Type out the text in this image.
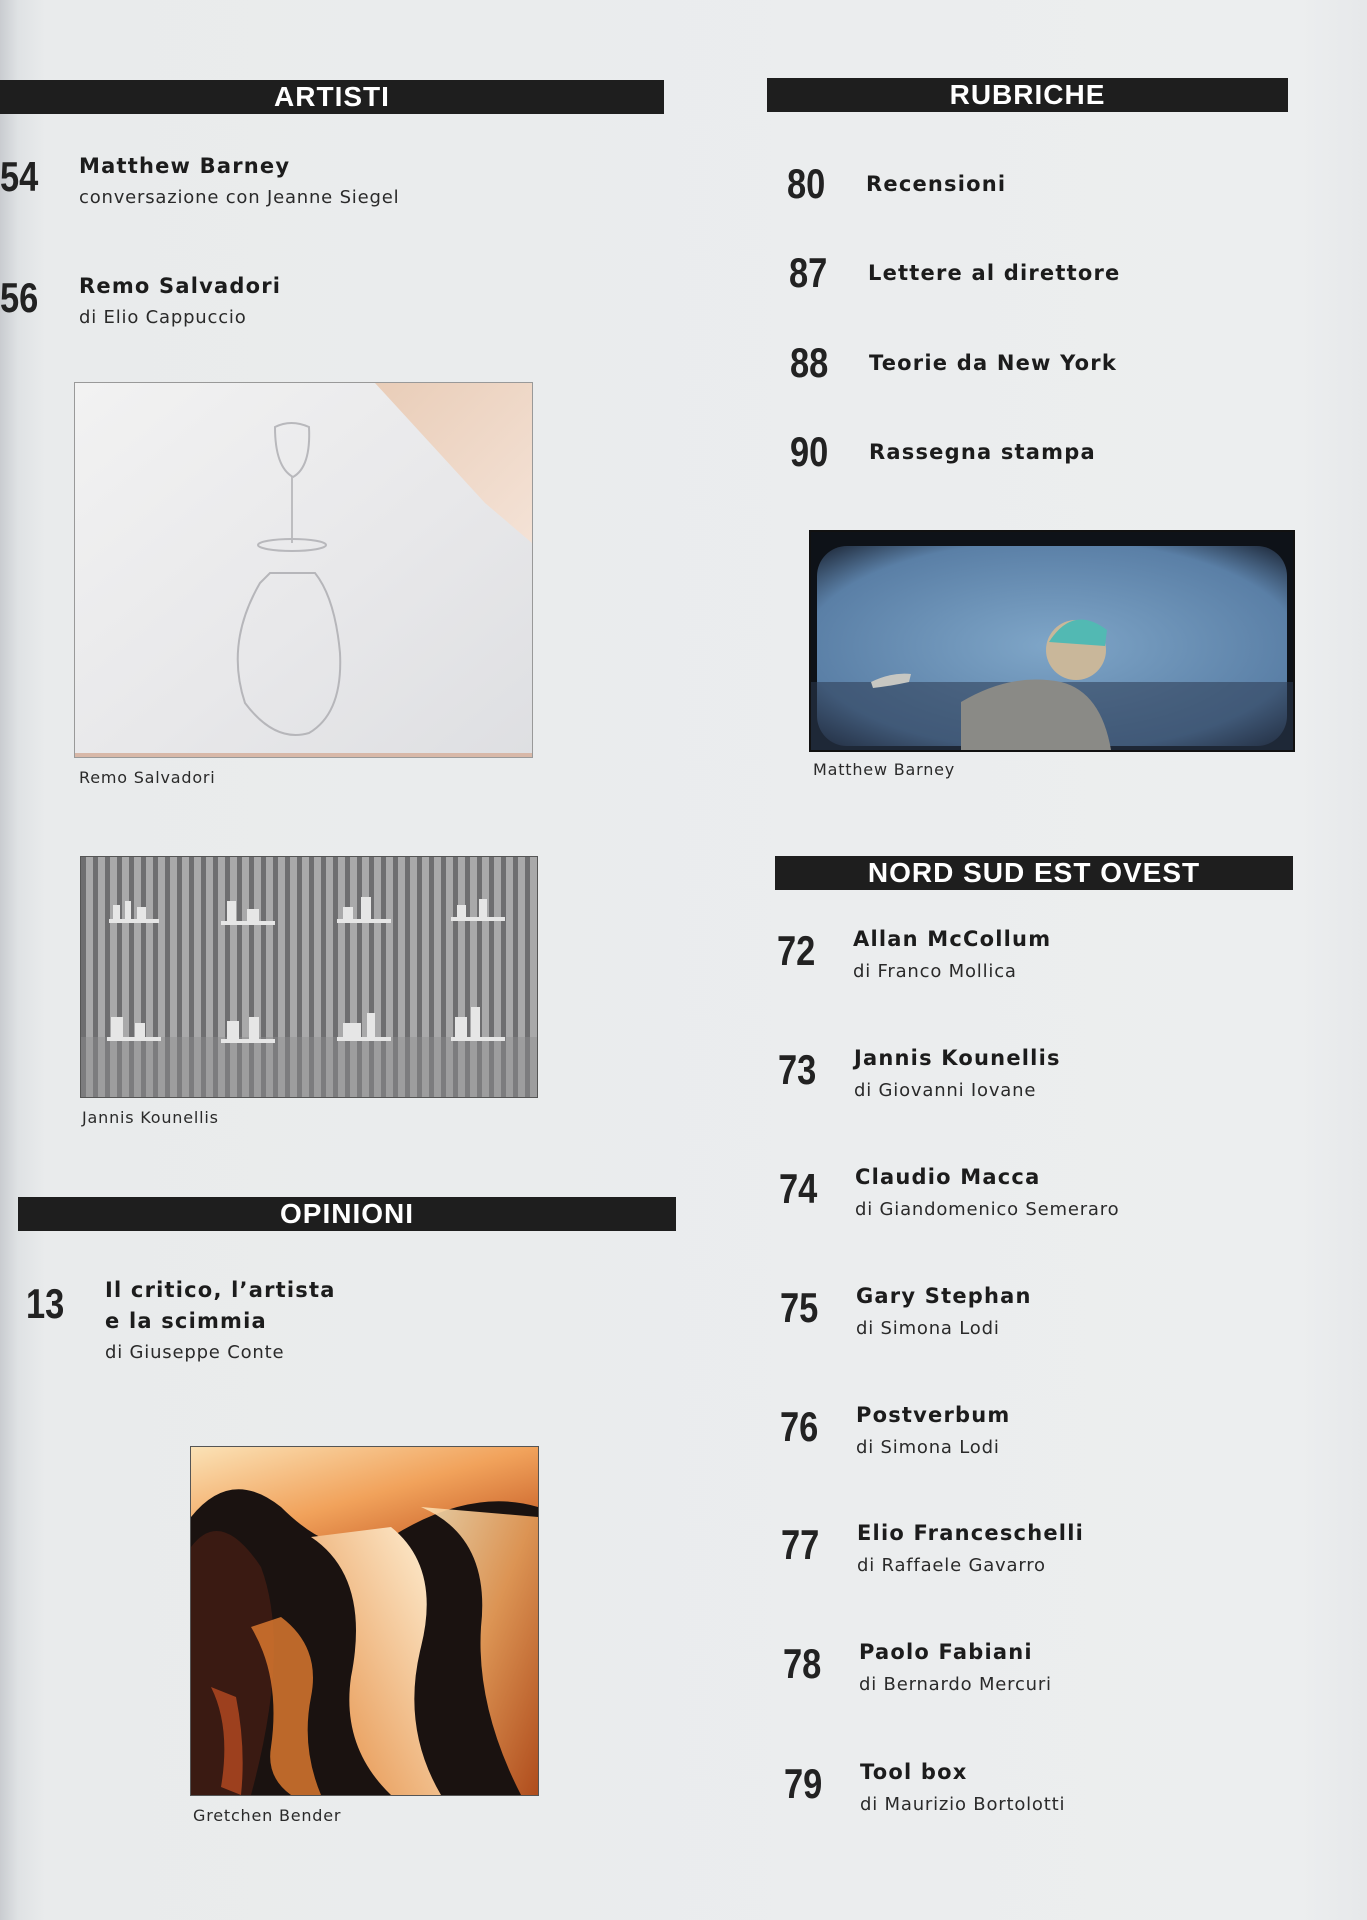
ARTISTI
54 Matthew Barney
conversazione con Jeanne Siegel
56 Remo Salvadori
di Elio Cappuccio
Remo Salvadori
Jannis Kounellis
OPINIONI
13 Il critico, l’artista
e la scimmia
di Giuseppe Conte
Gretchen Bender
RUBRICHE
80 Recensioni
87 Lettere al direttore
88 Teorie da New York
90 Rassegna stampa
Matthew Barney
NORD SUD EST OVEST
72 Allan McCollum
di Franco Mollica
73 Jannis Kounellis
di Giovanni Iovane
74 Claudio Macca
di Giandomenico Semeraro
75 Gary Stephan
di Simona Lodi
76 Postverbum
di Simona Lodi
77 Elio Franceschelli
di Raffaele Gavarro
78 Paolo Fabiani
di Bernardo Mercuri
79 Tool box
di Maurizio Bortolotti
